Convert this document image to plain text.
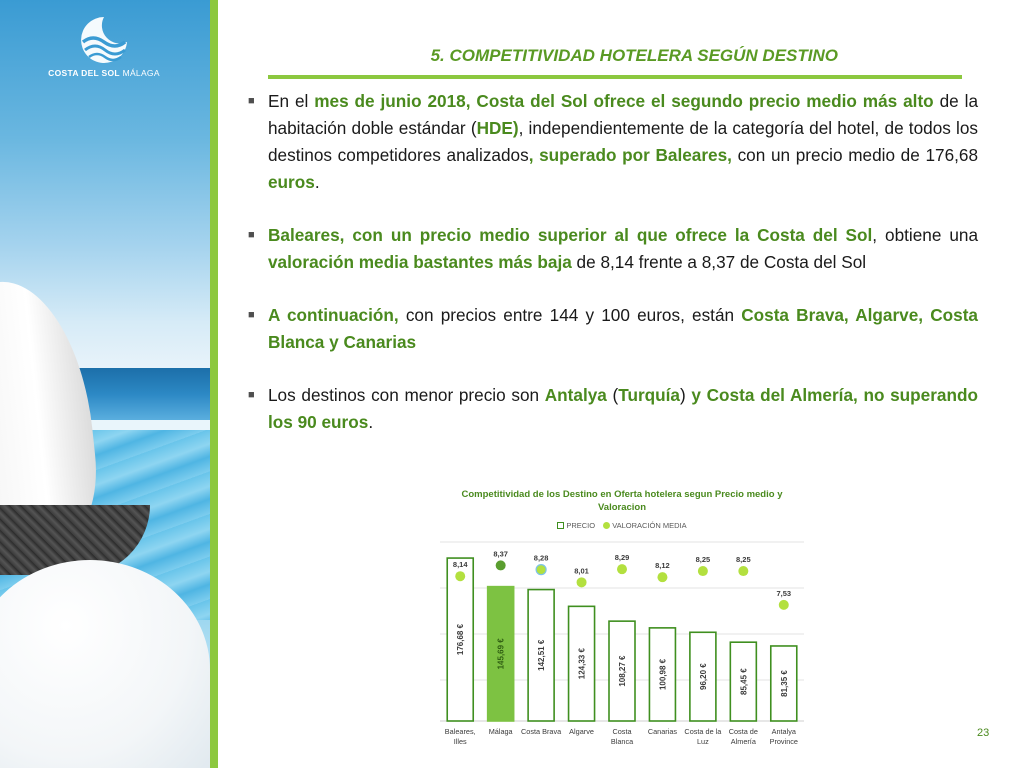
COSTA DEL SOL MÁLAGA
5. COMPETITIVIDAD HOTELERA SEGÚN DESTINO
■ En el mes de junio 2018, Costa del Sol ofrece el segundo precio medio más alto de la habitación doble estándar (HDE), independientemente de la categoría del hotel, de todos los destinos competidores analizados, superado por Baleares, con un precio medio de 176,68 euros.
■ Baleares, con un precio medio superior al que ofrece la Costa del Sol, obtiene una valoración media bastantes más baja de 8,14 frente a 8,37 de Costa del Sol
■ A continuación, con precios entre 144 y 100 euros, están Costa Brava, Algarve, Costa Blanca y Canarias
■ Los destinos con menor precio son Antalya (Turquía) y Costa del Almería, no superando los 90 euros.
176,68 €
8,14
Baleares,
Illes
145,69 €
8,37
Málaga
142,51 €
8,28
Costa Brava
124,33 €
8,01
Algarve
108,27 €
8,29
Costa
Blanca
100,98 €
8,12
Canarias
96,20 €
8,25
Costa de la
Luz
85,45 €
8,25
Costa de
Almería
81,35 €
7,53
Antalya
Province
Competitividad de los Destino en Oferta hotelera segun Precio medio y Valoracion
PRECIO
VALORACIÓN MEDIA
23
